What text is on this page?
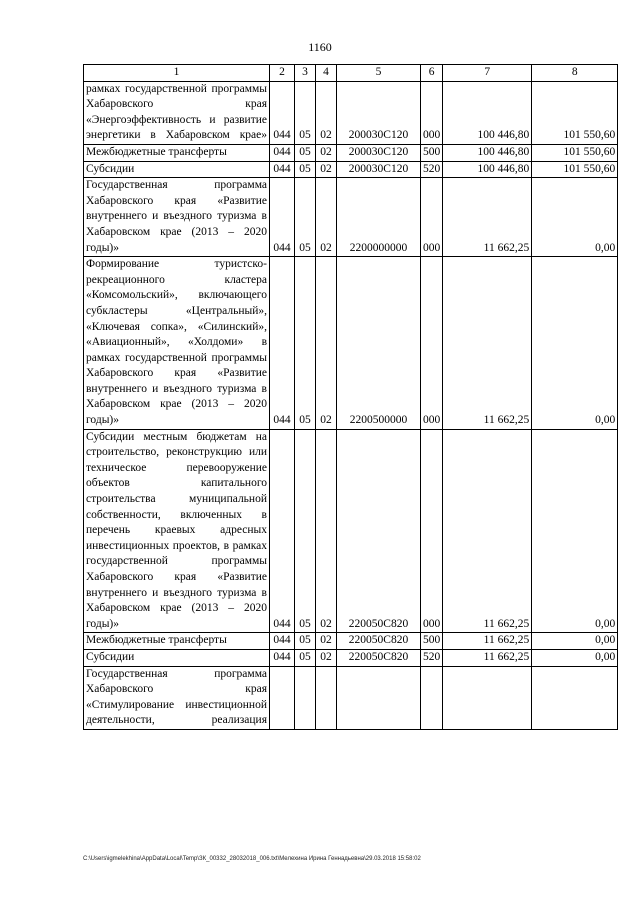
1160
1	2	3	4	5	6	7	8
рамках государственной программы Хабаровского края «Энергоэффективность и развитие энергетики в Хабаровском крае»	044	05	02	200030С120	000	100 446,80	101 550,60
Межбюджетные трансферты	044	05	02	200030С120	500	100 446,80	101 550,60
Субсидии	044	05	02	200030С120	520	100 446,80	101 550,60
Государственная программа Хабаровского края «Развитие внутреннего и въездного туризма в Хабаровском крае (2013 – 2020 годы)»	044	05	02	2200000000	000	11 662,25	0,00
Формирование туристско-рекреационного кластера «Комсомольский», включающего субкластеры «Центральный», «Ключевая сопка», «Силинский», «Авиационный», «Холдоми» в рамках государственной программы Хабаровского края «Развитие внутреннего и въездного туризма в Хабаровском крае (2013 – 2020 годы)»	044	05	02	2200500000	000	11 662,25	0,00
Субсидии местным бюджетам на строительство, реконструкцию или техническое перевооружение объектов капитального строительства муниципальной собственности, включенных в перечень краевых адресных инвестиционных проектов, в рамках государственной программы Хабаровского края «Развитие внутреннего и въездного туризма в Хабаровском крае (2013 – 2020 годы)»	044	05	02	220050С820	000	11 662,25	0,00
Межбюджетные трансферты	044	05	02	220050С820	500	11 662,25	0,00
Субсидии	044	05	02	220050С820	520	11 662,25	0,00
Государственная программа Хабаровского края «Стимулирование инвестиционной деятельности, реализация							
C:\Users\igmelekhina\AppData\Local\Temp\ЗК_00332_28032018_006.txt\Мелехина Ирина Геннадьевна\29.03.2018 15:58:02
